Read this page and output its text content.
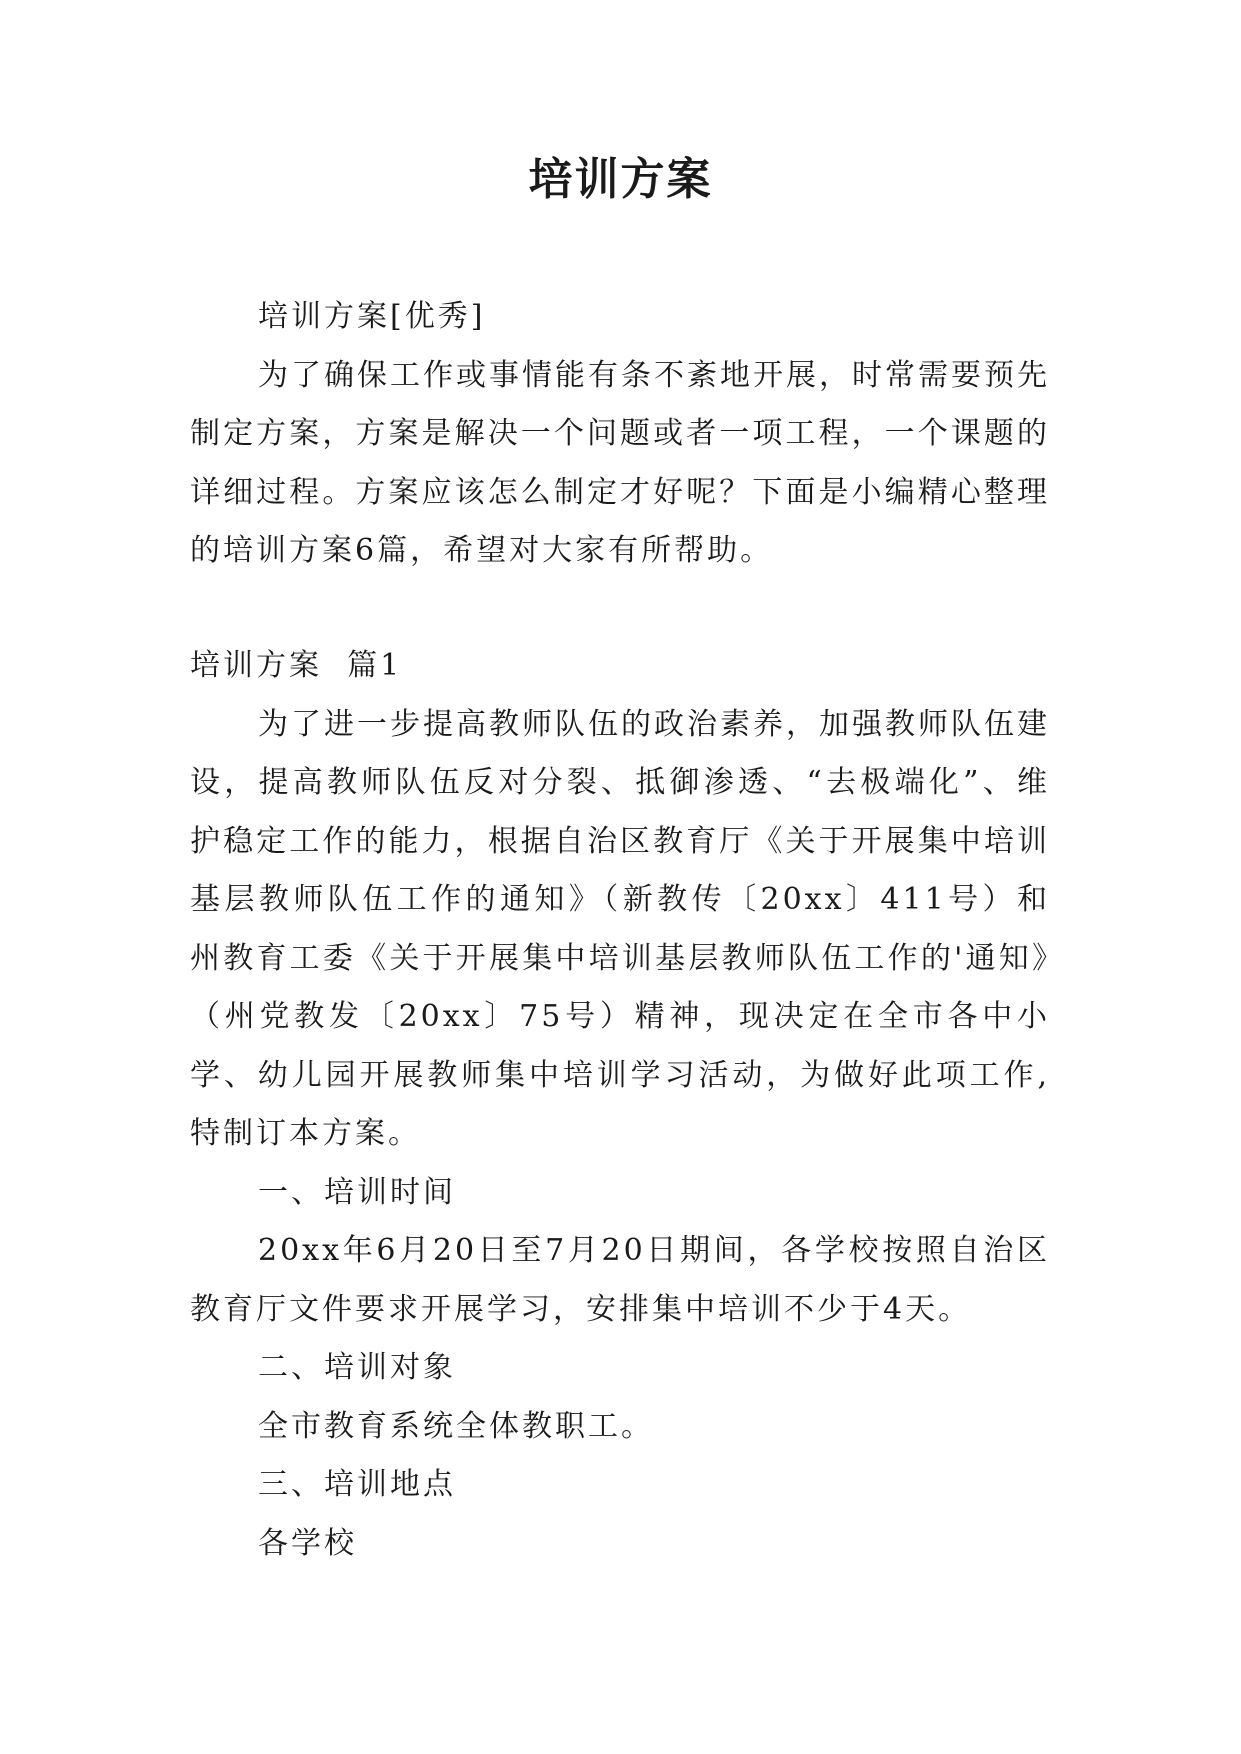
培训方案

培训方案[优秀]

为了确保工作或事情能有条不紊地开展，时常需要预先制定方案，方案是解决一个问题或者一项工程，一个课题的详细过程。方案应该怎么制定才好呢？下面是小编精心整理的培训方案6篇，希望对大家有所帮助。

培训方案  篇1

为了进一步提高教师队伍的政治素养，加强教师队伍建设，提高教师队伍反对分裂、抵御渗透、“去极端化”、维护稳定工作的能力，根据自治区教育厅《关于开展集中培训基层教师队伍工作的通知》（新教传〔20xx〕411号）和州教育工委《关于开展集中培训基层教师队伍工作的'通知》（州党教发〔20xx〕75号）精神，现决定在全市各中小学、幼儿园开展教师集中培训学习活动，为做好此项工作,特制订本方案。

一、培训时间

20xx年6月20日至7月20日期间，各学校按照自治区教育厅文件要求开展学习，安排集中培训不少于4天。

二、培训对象

全市教育系统全体教职工。

三、培训地点

各学校
